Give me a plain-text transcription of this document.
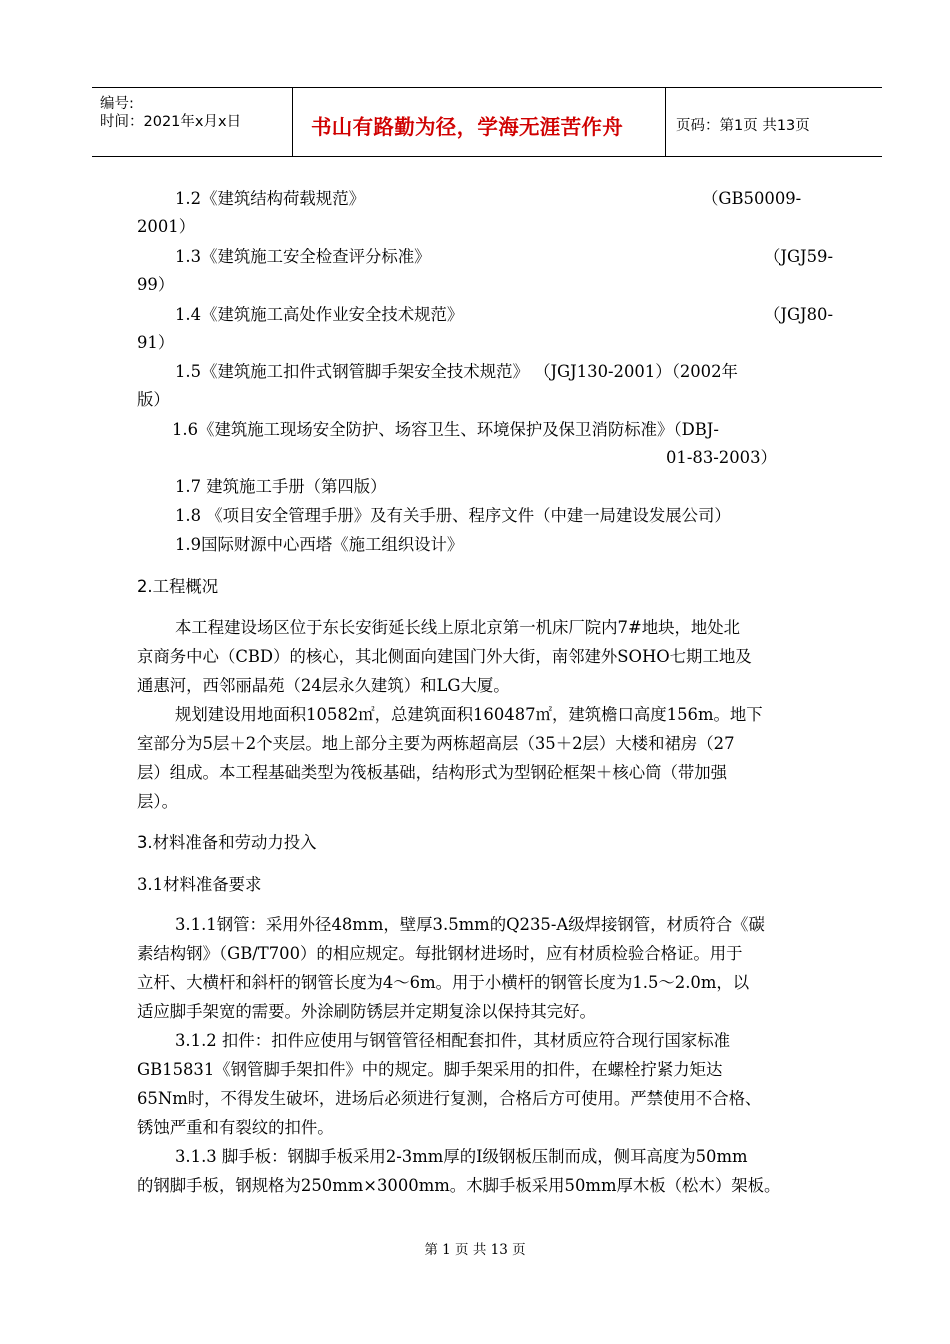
编号:
时间：2021年x月x日	书山有路勤为径，学海无涯苦作舟	页码：第1页 共13页
1.2《建筑结构荷载规范》	（GB50009-
2001）
1.3《建筑施工安全检查评分标准》	（JGJ59-
99）
1.4《建筑施工高处作业安全技术规范》	（JGJ80-
91）
1.5《建筑施工扣件式钢管脚手架安全技术规范》 （JGJ130-2001）（2002年
版）
1.6《建筑施工现场安全防护、场容卫生、环境保护及保卫消防标准》（DBJ-
01-83-2003）
1.7 建筑施工手册（第四版）
1.8 《项目安全管理手册》及有关手册、程序文件（中建一局建设发展公司）
1.9国际财源中心西塔《施工组织设计》
2.工程概况
本工程建设场区位于东长安街延长线上原北京第一机床厂院内7#地块，地处北
京商务中心（CBD）的核心，其北侧面向建国门外大街，南邻建外SOHO七期工地及
通惠河，西邻丽晶苑（24层永久建筑）和LG大厦。
规划建设用地面积10582㎡，总建筑面积160487㎡，建筑檐口高度156m。地下
室部分为5层＋2个夹层。地上部分主要为两栋超高层（35＋2层）大楼和裙房（27
层）组成。本工程基础类型为筏板基础，结构形式为型钢砼框架＋核心筒（带加强
层）。
3.材料准备和劳动力投入
3.1材料准备要求
3.1.1钢管：采用外径48mm，壁厚3.5mm的Q235-A级焊接钢管，材质符合《碳
素结构钢》（GB/T700）的相应规定。每批钢材进场时，应有材质检验合格证。用于
立杆、大横杆和斜杆的钢管长度为4～6m。用于小横杆的钢管长度为1.5～2.0m，以
适应脚手架宽的需要。外涂刷防锈层并定期复涂以保持其完好。
3.1.2 扣件：扣件应使用与钢管管径相配套扣件，其材质应符合现行国家标准
GB15831《钢管脚手架扣件》中的规定。脚手架采用的扣件，在螺栓拧紧力矩达
65Nm时，不得发生破坏，进场后必须进行复测，合格后方可使用。严禁使用不合格、
锈蚀严重和有裂纹的扣件。
3.1.3 脚手板：钢脚手板采用2-3mm厚的Ⅰ级钢板压制而成，侧耳高度为50mm
的钢脚手板，钢规格为250mm×3000mm。木脚手板采用50mm厚木板（松木）架板。
第 1 页 共 13 页
